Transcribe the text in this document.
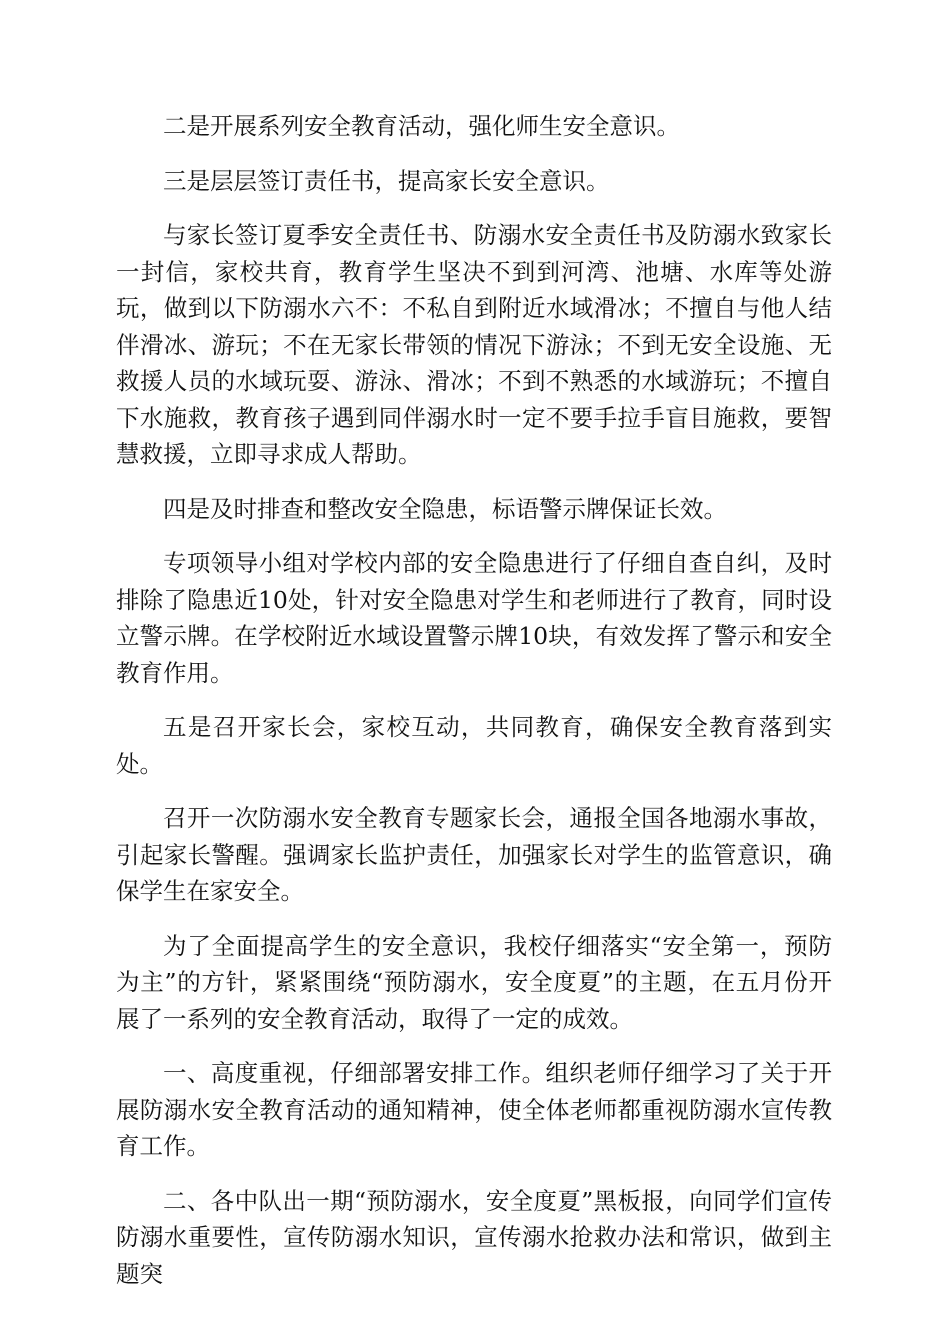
二是开展系列安全教育活动，强化师生安全意识。

三是层层签订责任书，提高家长安全意识。

与家长签订夏季安全责任书、防溺水安全责任书及防溺水致家长一封信，家校共育，教育学生坚决不到到河湾、池塘、水库等处游玩，做到以下防溺水六不：不私自到附近水域滑冰；不擅自与他人结伴滑冰、游玩；不在无家长带领的情况下游泳；不到无安全设施、无救援人员的水域玩耍、游泳、滑冰；不到不熟悉的水域游玩；不擅自下水施救，教育孩子遇到同伴溺水时一定不要手拉手盲目施救，要智慧救援，立即寻求成人帮助。

四是及时排查和整改安全隐患，标语警示牌保证长效。

专项领导小组对学校内部的安全隐患进行了仔细自查自纠，及时排除了隐患近10处，针对安全隐患对学生和老师进行了教育，同时设立警示牌。在学校附近水域设置警示牌10块，有效发挥了警示和安全教育作用。

五是召开家长会，家校互动，共同教育，确保安全教育落到实处。

召开一次防溺水安全教育专题家长会，通报全国各地溺水事故，引起家长警醒。强调家长监护责任，加强家长对学生的监管意识，确保学生在家安全。

为了全面提高学生的安全意识，我校仔细落实“安全第一，预防为主”的方针，紧紧围绕“预防溺水，安全度夏”的主题，在五月份开展了一系列的安全教育活动，取得了一定的成效。

一、高度重视，仔细部署安排工作。组织老师仔细学习了关于开展防溺水安全教育活动的通知精神，使全体老师都重视防溺水宣传教育工作。

二、各中队出一期“预防溺水，安全度夏”黑板报，向同学们宣传防溺水重要性，宣传防溺水知识，宣传溺水抢救办法和常识，做到主题突
